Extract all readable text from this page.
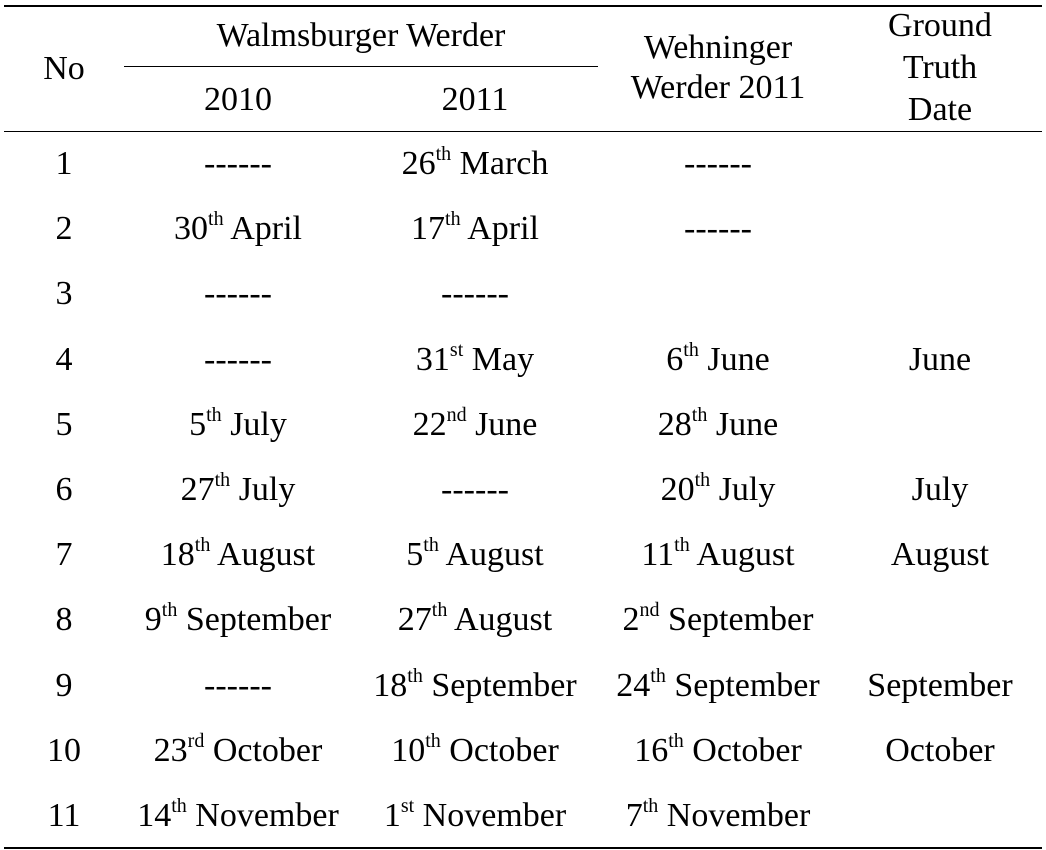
No
Walmsburger Werder
2010	2011
Wehninger
Werder 2011
Ground
Truth
Date
1	------	26th March	------
2	30th April	17th April	------
3	------	------
4	------	31st May	6th June	June
5	5th July	22nd June	28th June
6	27th July	------	20th July	July
7	18th August	5th August	11th August	August
8	9th September	27th August	2nd September
9	------	18th September	24th September	September
10	23rd October	10th October	16th October	October
11	14th November	1st November	7th November
